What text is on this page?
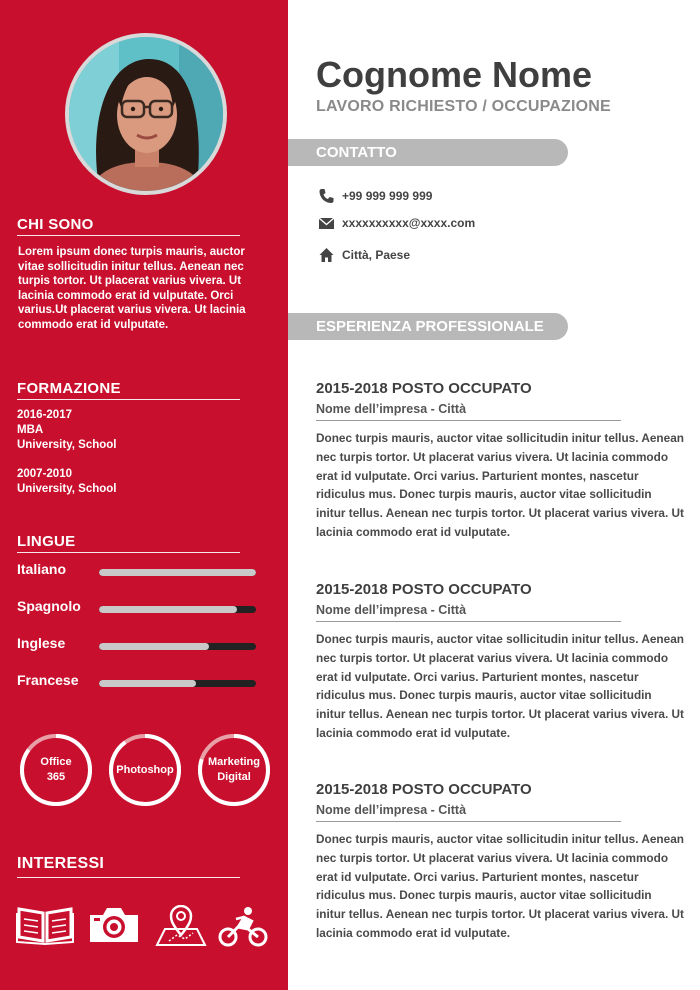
CHI SONO
Lorem ipsum donec turpis mauris, auctor vitae sollicitudin initur tellus. Aenean nec turpis tortor. Ut placerat varius vivera. Ut lacinia commodo erat id vulputate. Orci varius.Ut placerat varius vivera. Ut lacinia commodo erat id vulputate.
FORMAZIONE
2016-2017
MBA
University, School
2007-2010
University, School
LINGUE
Italiano
Spagnolo
Inglese
Francese
Office
365
Photoshop
Marketing
Digital
INTERESSI
Cognome Nome
LAVORO RICHIESTO / OCCUPAZIONE
CONTATTO
+99 999 999 999
xxxxxxxxxx@xxxx.com
Città, Paese
ESPERIENZA PROFESSIONALE
2015-2018 POSTO OCCUPATO
Nome dell’impresa - Città
Donec turpis mauris, auctor vitae sollicitudin initur tellus. Aenean nec turpis tortor. Ut placerat varius vivera. Ut lacinia commodo erat id vulputate. Orci varius. Parturient montes, nascetur ridiculus mus. Donec turpis mauris, auctor vitae sollicitudin initur tellus. Aenean nec turpis tortor. Ut placerat varius vivera. Ut lacinia commodo erat id vulputate.
2015-2018 POSTO OCCUPATO
Nome dell’impresa - Città
Donec turpis mauris, auctor vitae sollicitudin initur tellus. Aenean nec turpis tortor. Ut placerat varius vivera. Ut lacinia commodo erat id vulputate. Orci varius. Parturient montes, nascetur ridiculus mus. Donec turpis mauris, auctor vitae sollicitudin initur tellus. Aenean nec turpis tortor. Ut placerat varius vivera. Ut lacinia commodo erat id vulputate.
2015-2018 POSTO OCCUPATO
Nome dell’impresa - Città
Donec turpis mauris, auctor vitae sollicitudin initur tellus. Aenean nec turpis tortor. Ut placerat varius vivera. Ut lacinia commodo erat id vulputate. Orci varius. Parturient montes, nascetur ridiculus mus. Donec turpis mauris, auctor vitae sollicitudin initur tellus. Aenean nec turpis tortor. Ut placerat varius vivera. Ut lacinia commodo erat id vulputate.
